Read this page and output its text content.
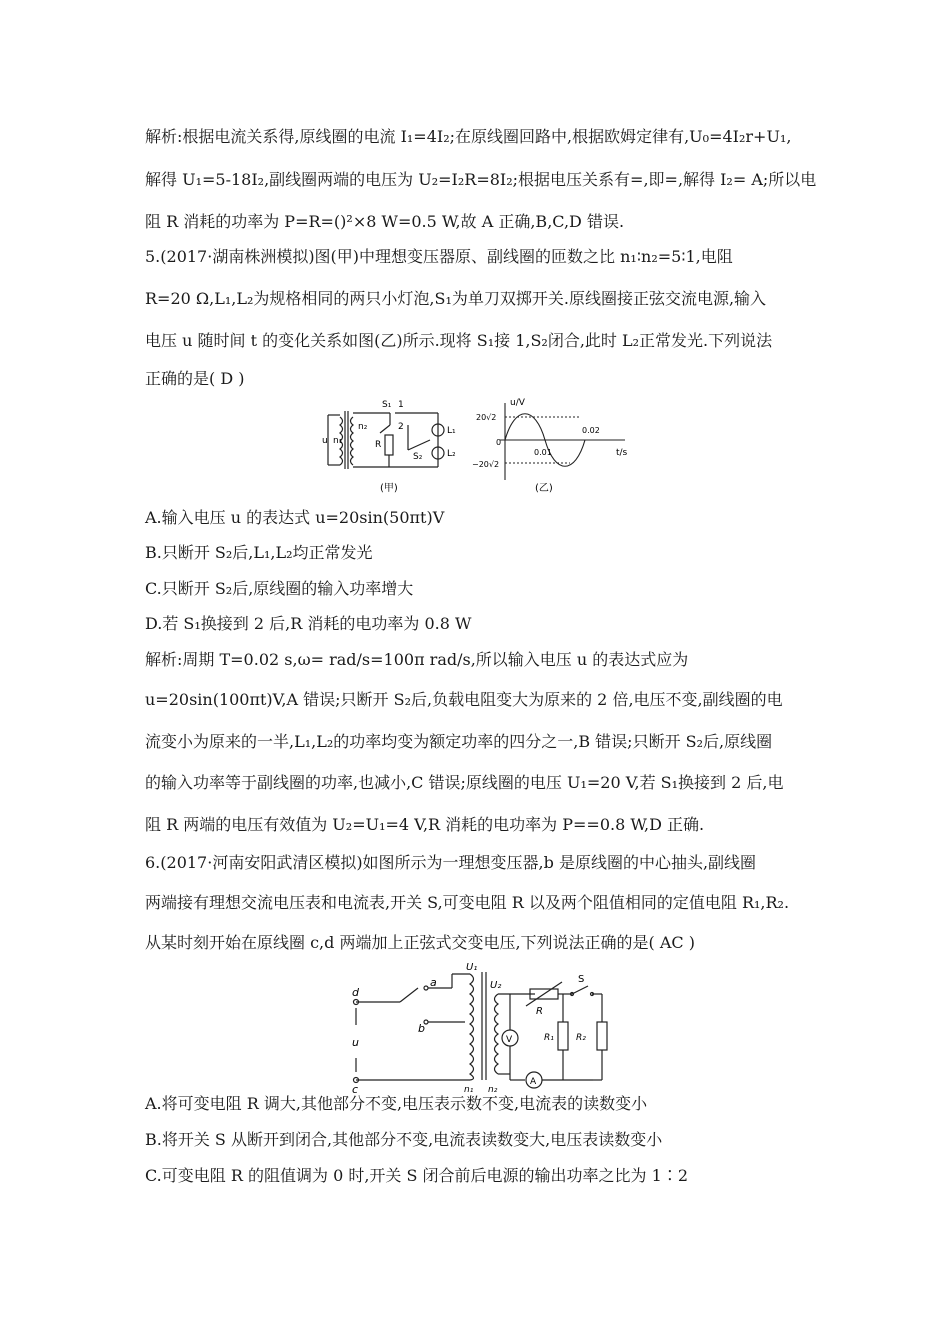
解析:根据电流关系得,原线圈的电流 I₁=4I₂;在原线圈回路中,根据欧姆定律有,U₀=4I₂r+U₁,
解得 U₁=5-18I₂,副线圈两端的电压为 U₂=I₂R=8I₂;根据电压关系有=,即=,解得 I₂= A;所以电
阻 R 消耗的功率为 P=R=()²×8 W=0.5 W,故 A 正确,B,C,D 错误.
5.(2017·湖南株洲模拟)图(甲)中理想变压器原、副线圈的匝数之比 n₁∶n₂=5∶1,电阻
R=20 Ω,L₁,L₂为规格相同的两只小灯泡,S₁为单刀双掷开关.原线圈接正弦交流电源,输入
电压 u 随时间 t 的变化关系如图(乙)所示.现将 S₁接 1,S₂闭合,此时 L₂正常发光.下列说法
正确的是( D )
n₁
u
n₂
R
S₁ 1
2
S₂
L₁
L₂
(甲)
u/V
t/s
20√2
−20√2
0
0.01
0.02
(乙)
A.输入电压 u 的表达式 u=20sin(50πt)V
B.只断开 S₂后,L₁,L₂均正常发光
C.只断开 S₂后,原线圈的输入功率增大
D.若 S₁换接到 2 后,R 消耗的电功率为 0.8 W
解析:周期 T=0.02 s,ω= rad/s=100π rad/s,所以输入电压 u 的表达式应为
u=20sin(100πt)V,A 错误;只断开 S₂后,负载电阻变大为原来的 2 倍,电压不变,副线圈的电
流变小为原来的一半,L₁,L₂的功率均变为额定功率的四分之一,B 错误;只断开 S₂后,原线圈
的输入功率等于副线圈的功率,也减小,C 错误;原线圈的电压 U₁=20 V,若 S₁换接到 2 后,电
阻 R 两端的电压有效值为 U₂=U₁=4 V,R 消耗的电功率为 P==0.8 W,D 正确.
6.(2017·河南安阳武清区模拟)如图所示为一理想变压器,b 是原线圈的中心抽头,副线圈
两端接有理想交流电压表和电流表,开关 S,可变电阻 R 以及两个阻值相同的定值电阻 R₁,R₂.
从某时刻开始在原线圈 c,d 两端加上正弦式交变电压,下列说法正确的是( AC )
d
c
u
a
b
U₁
U₂
n₁ n₂
R
S
V
A
R₁ R₂
A.将可变电阻 R 调大,其他部分不变,电压表示数不变,电流表的读数变小
B.将开关 S 从断开到闭合,其他部分不变,电流表读数变大,电压表读数变小
C.可变电阻 R 的阻值调为 0 时,开关 S 闭合前后电源的输出功率之比为 1∶2
